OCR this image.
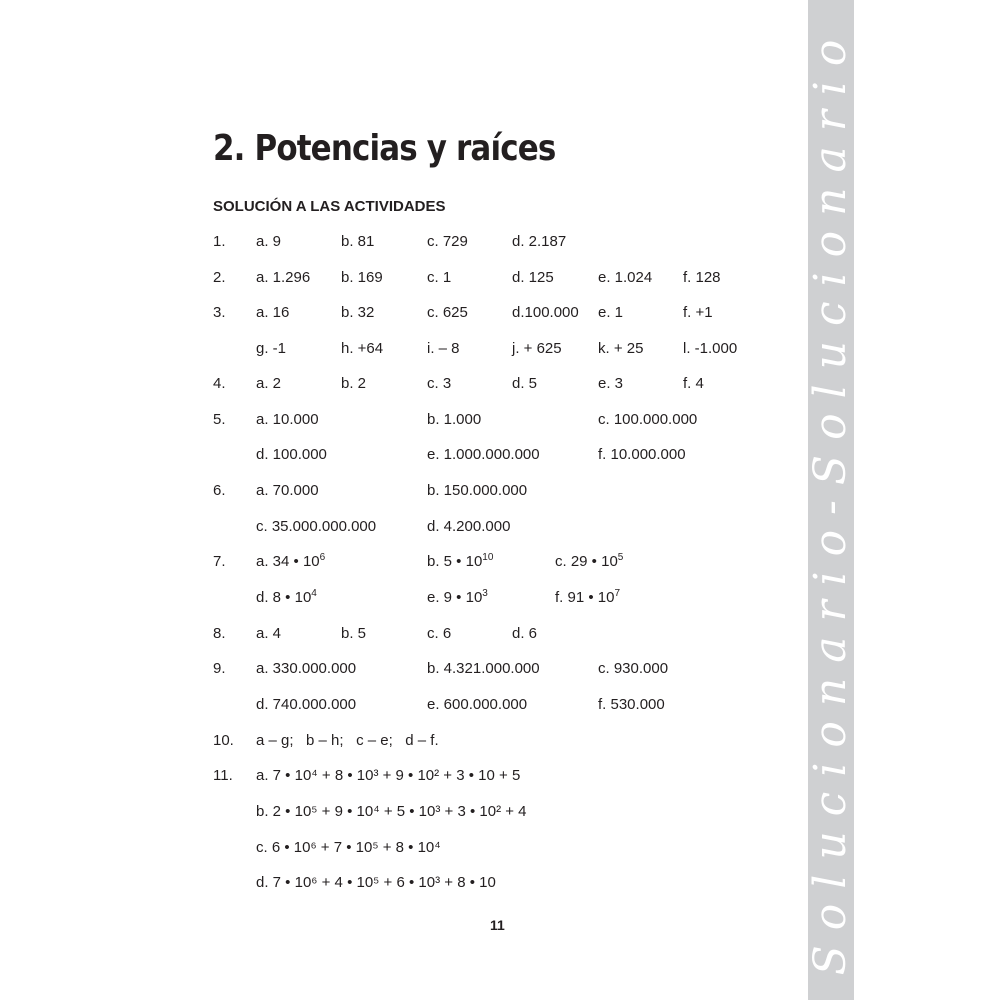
2. Potencias y raíces
SOLUCIÓN A LAS ACTIVIDADES
1. a. 9	b. 81	c. 729	d. 2.187
2. a. 1.296 b. 169	c. 1	d. 125	e. 1.024 f. 128
3. a. 16	b. 32	c. 625	d.100.000 e. 1	f. +1
g. -1	h. +64	i. – 8	j. + 625 k. + 25	l. -1.000
4. a. 2	b. 2	c. 3	d. 5	e. 3	f. 4
5. a. 10.000	b. 1.000	c. 100.000.000
d. 100.000	e. 1.000.000.000	f. 10.000.000
6. a. 70.000	b. 150.000.000
c. 35.000.000.000	d. 4.200.000
7. a. 34 • $10^6$	b. 5 • $10^{10}$	c. 29 • $10^5$
d. 8 • $10^4$	e. 9 • $10^3$	f. 91 • $10^7$
8. a. 4	b. 5	c. 6	d. 6
9. a. 330.000.000	b. 4.321.000.000	c. 930.000
d. 740.000.000	e. 600.000.000	f. 530.000
10. a – g;   b – h;   c – e;   d – f.
11. a. 7 • 10⁴ + 8 • 10³ + 9 • 10² + 3 • 10 + 5
b. 2 • 10⁵ + 9 • 10⁴ + 5 • 10³ + 3 • 10² + 4
c. 6 • 10⁶ + 7 • 10⁵ + 8 • 10⁴
d. 7 • 10⁶ + 4 • 10⁵ + 6 • 10³ + 8 • 10
11	Solucionario-Solucionario
